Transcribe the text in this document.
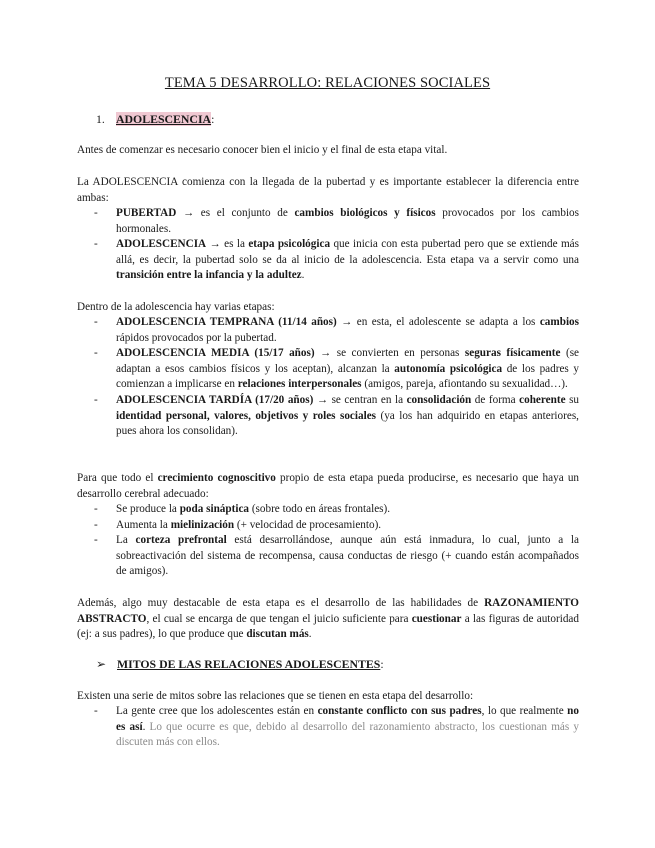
TEMA 5 DESARROLLO: RELACIONES SOCIALES
1. ADOLESCENCIA:
Antes de comenzar es necesario conocer bien el inicio y el final de esta etapa vital.
La ADOLESCENCIA comienza con la llegada de la pubertad y es importante establecer la diferencia entre ambas:
- PUBERTAD → es el conjunto de cambios biológicos y físicos provocados por los cambios hormonales.
- ADOLESCENCIA → es la etapa psicológica que inicia con esta pubertad pero que se extiende más allá, es decir, la pubertad solo se da al inicio de la adolescencia. Esta etapa va a servir como una transición entre la infancia y la adultez.
Dentro de la adolescencia hay varias etapas:
- ADOLESCENCIA TEMPRANA (11/14 años) → en esta, el adolescente se adapta a los cambios rápidos provocados por la pubertad.
- ADOLESCENCIA MEDIA (15/17 años) → se convierten en personas seguras físicamente (se adaptan a esos cambios físicos y los aceptan), alcanzan la autonomía psicológica de los padres y comienzan a implicarse en relaciones interpersonales (amigos, pareja, afiontando su sexualidad…).
- ADOLESCENCIA TARDÍA (17/20 años) → se centran en la consolidación de forma coherente su identidad personal, valores, objetivos y roles sociales (ya los han adquirido en etapas anteriores, pues ahora los consolidan).
Para que todo el crecimiento cognoscitivo propio de esta etapa pueda producirse, es necesario que haya un desarrollo cerebral adecuado:
- Se produce la poda sináptica (sobre todo en áreas frontales).
- Aumenta la mielinización (+ velocidad de procesamiento).
- La corteza prefrontal está desarrollándose, aunque aún está inmadura, lo cual, junto a la sobreactivación del sistema de recompensa, causa conductas de riesgo (+ cuando están acompañados de amigos).
Además, algo muy destacable de esta etapa es el desarrollo de las habilidades de RAZONAMIENTO ABSTRACTO, el cual se encarga de que tengan el juicio suficiente para cuestionar a las figuras de autoridad (ej: a sus padres), lo que produce que discutan más.
➢ MITOS DE LAS RELACIONES ADOLESCENTES:
Existen una serie de mitos sobre las relaciones que se tienen en esta etapa del desarrollo:
- La gente cree que los adolescentes están en constante conflicto con sus padres, lo que realmente no es así. Lo que ocurre es que, debido al desarrollo del razonamiento abstracto, los cuestionan más y discuten más con ellos.
